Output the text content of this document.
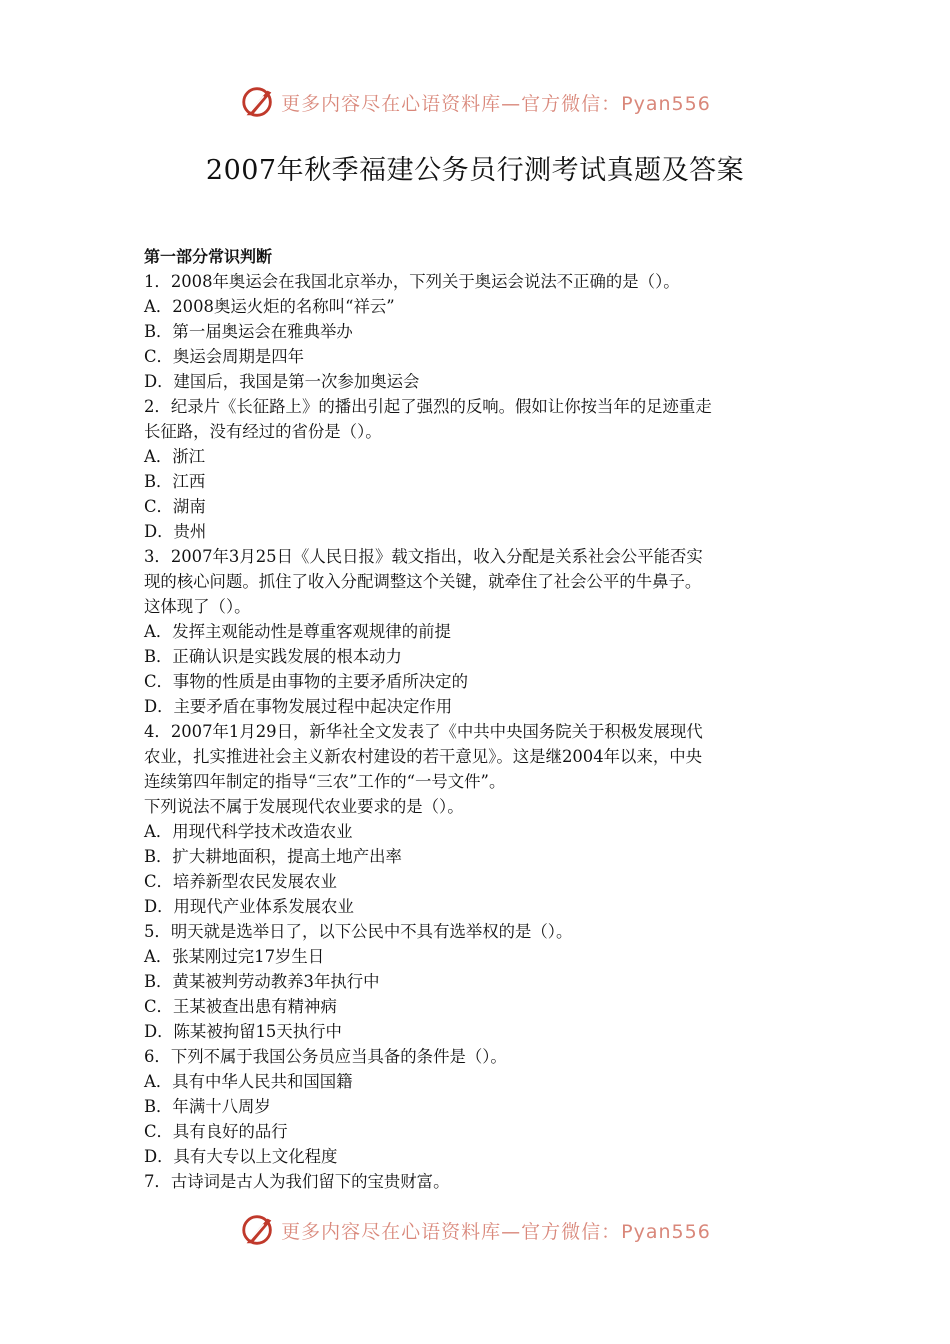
更多内容尽在心语资料库—官方微信：Pyan556
2007年秋季福建公务员行测考试真题及答案
第一部分常识判断

1．2008年奥运会在我国北京举办，下列关于奥运会说法不正确的是（）。

A．2008奥运火炬的名称叫“祥云”

B．第一届奥运会在雅典举办

C．奥运会周期是四年

D．建国后，我国是第一次参加奥运会

2．纪录片《长征路上》的播出引起了强烈的反响。假如让你按当年的足迹重走

长征路，没有经过的省份是（）。

A．浙江

B．江西

C．湖南

D．贵州

3．2007年3月25日《人民日报》载文指出，收入分配是关系社会公平能否实

现的核心问题。抓住了收入分配调整这个关键，就牵住了社会公平的牛鼻子。

这体现了（）。

A．发挥主观能动性是尊重客观规律的前提

B．正确认识是实践发展的根本动力

C．事物的性质是由事物的主要矛盾所决定的

D．主要矛盾在事物发展过程中起决定作用

4．2007年1月29日，新华社全文发表了《中共中央国务院关于积极发展现代

农业，扎实推进社会主义新农村建设的若干意见》。这是继2004年以来，中央

连续第四年制定的指导“三农”工作的“一号文件”。

下列说法不属于发展现代农业要求的是（）。

A．用现代科学技术改造农业

B．扩大耕地面积，提高土地产出率

C．培养新型农民发展农业

D．用现代产业体系发展农业

5．明天就是选举日了，以下公民中不具有选举权的是（）。

A．张某刚过完17岁生日

B．黄某被判劳动教养3年执行中

C．王某被查出患有精神病

D．陈某被拘留15天执行中

6．下列不属于我国公务员应当具备的条件是（）。

A．具有中华人民共和国国籍

B．年满十八周岁

C．具有良好的品行

D．具有大专以上文化程度

7．古诗词是古人为我们留下的宝贵财富。

更多内容尽在心语资料库—官方微信：Pyan556
